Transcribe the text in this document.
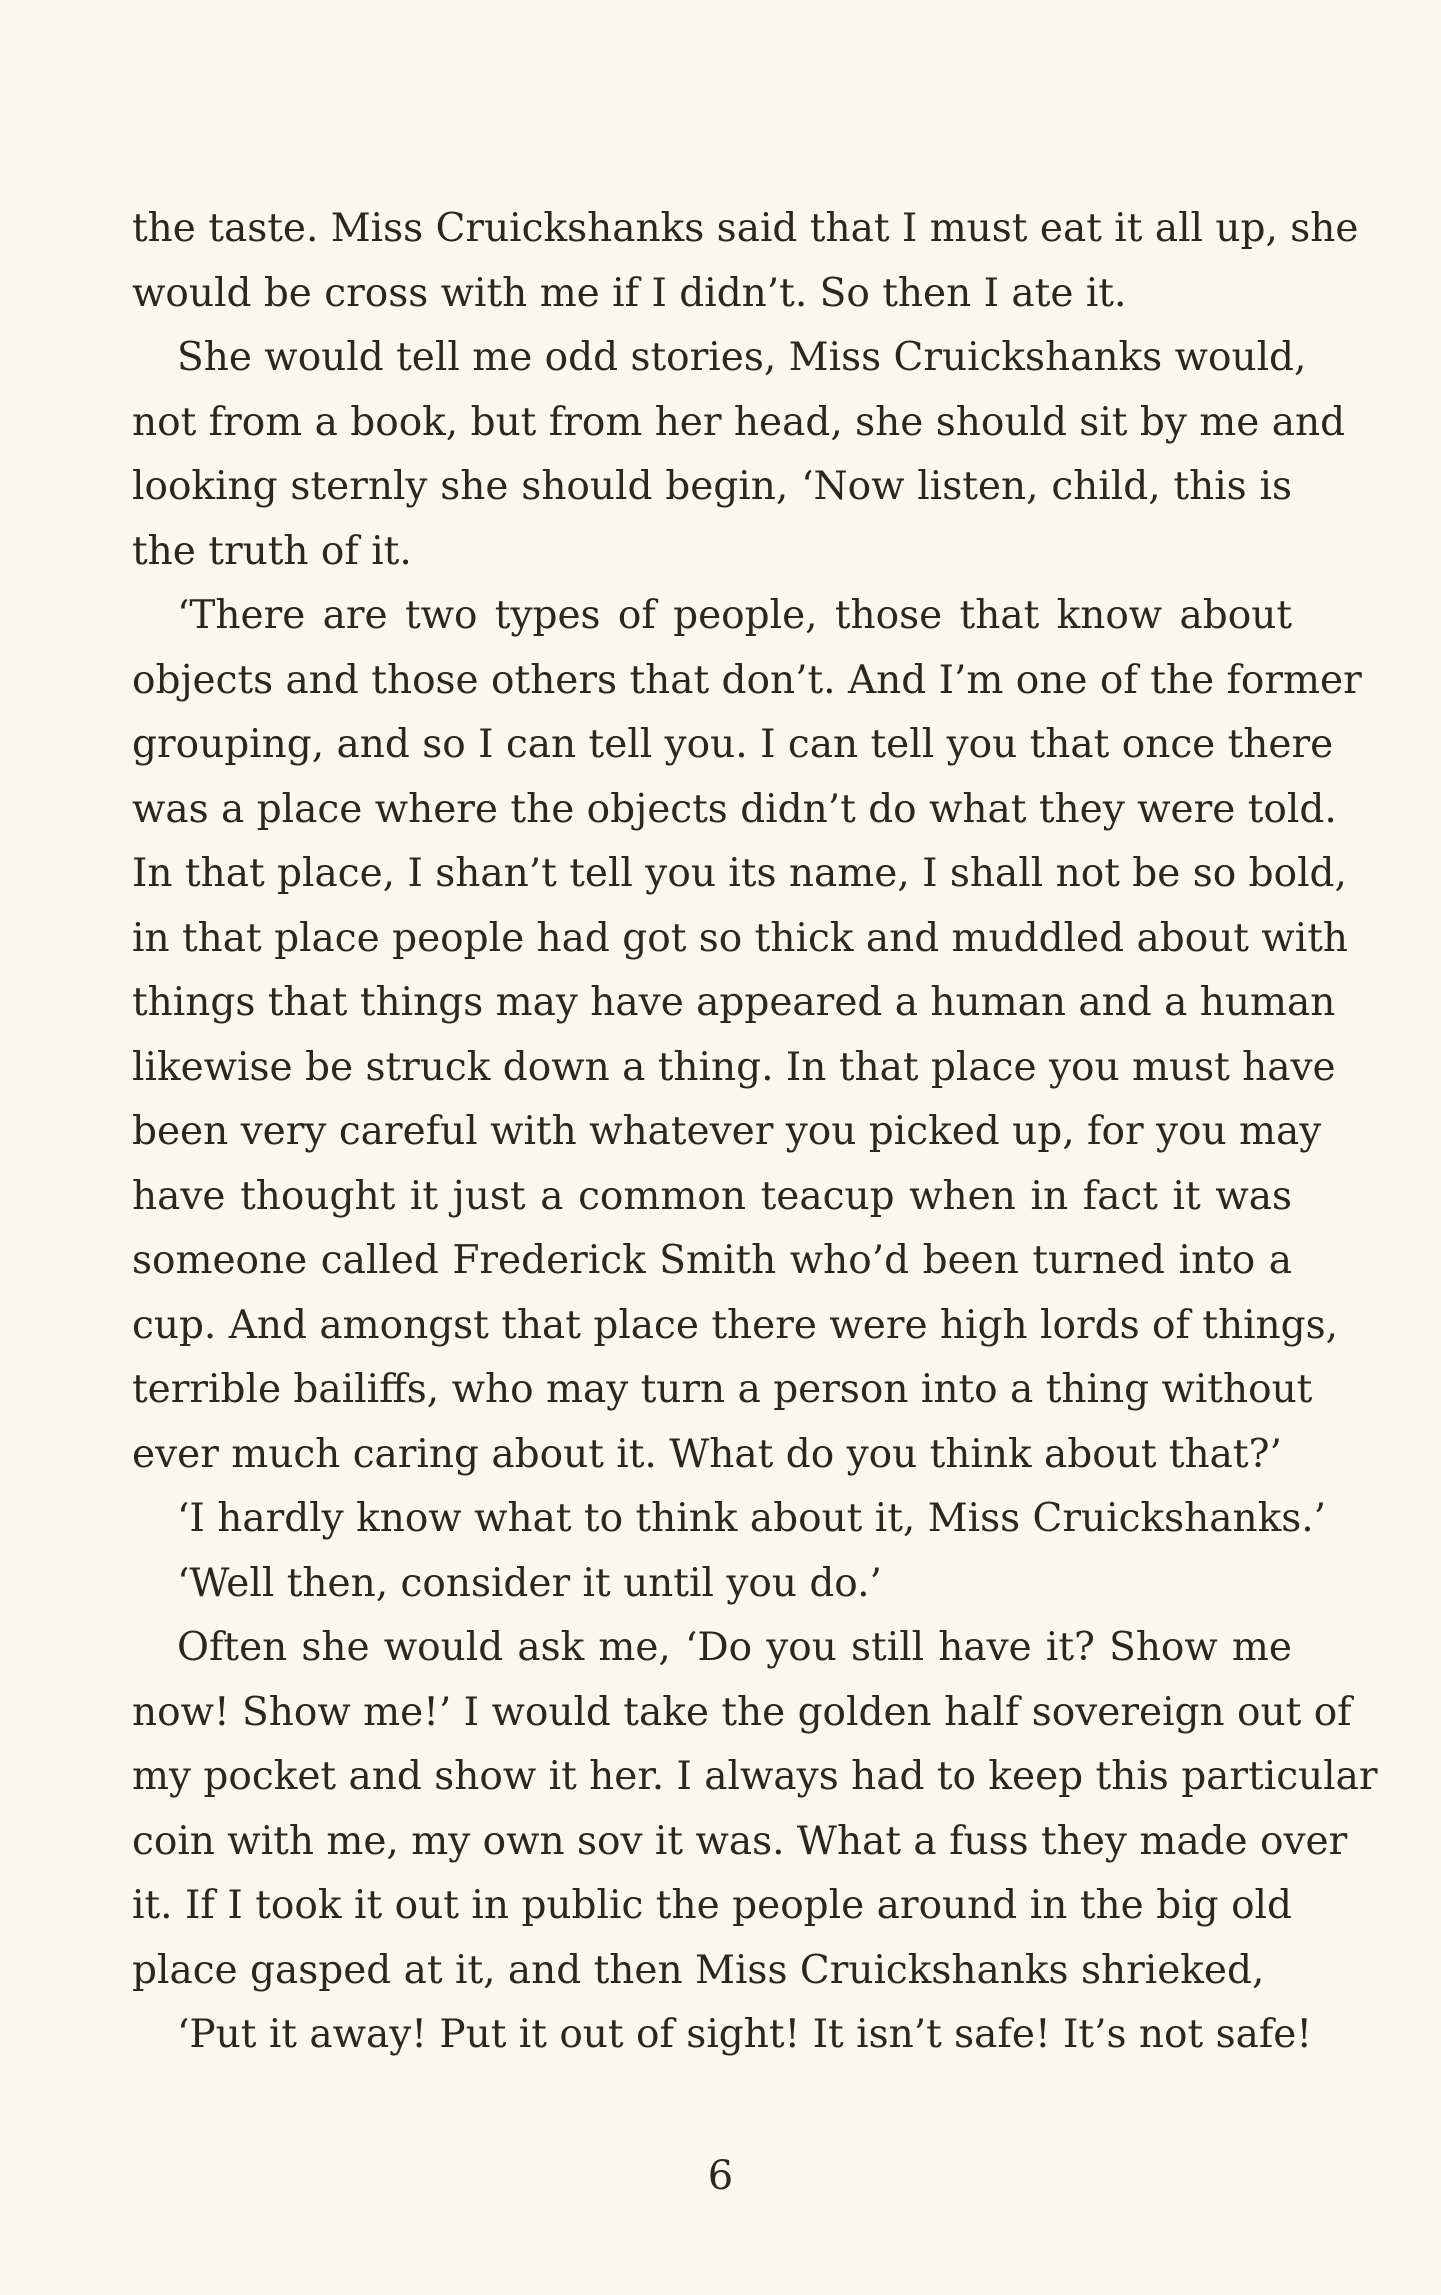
the taste. Miss Cruickshanks said that I must eat it all up, she
would be cross with me if I didn’t. So then I ate it.
She would tell me odd stories, Miss Cruickshanks would,
not from a book, but from her head, she should sit by me and
looking sternly she should begin, ‘Now listen, child, this is
the truth of it.
‘There are two types of people, those that know about
objects and those others that don’t. And I’m one of the former
grouping, and so I can tell you. I can tell you that once there
was a place where the objects didn’t do what they were told.
In that place, I shan’t tell you its name, I shall not be so bold,
in that place people had got so thick and muddled about with
things that things may have appeared a human and a human
likewise be struck down a thing. In that place you must have
been very careful with whatever you picked up, for you may
have thought it just a common teacup when in fact it was
someone called Frederick Smith who’d been turned into a
cup. And amongst that place there were high lords of things,
terrible bailiffs, who may turn a person into a thing without
ever much caring about it. What do you think about that?’
‘I hardly know what to think about it, Miss Cruickshanks.’
‘Well then, consider it until you do.’
Often she would ask me, ‘Do you still have it? Show me
now! Show me!’ I would take the golden half sovereign out of
my pocket and show it her. I always had to keep this particular
coin with me, my own sov it was. What a fuss they made over
it. If I took it out in public the people around in the big old
place gasped at it, and then Miss Cruickshanks shrieked,
‘Put it away! Put it out of sight! It isn’t safe! It’s not safe!
6
